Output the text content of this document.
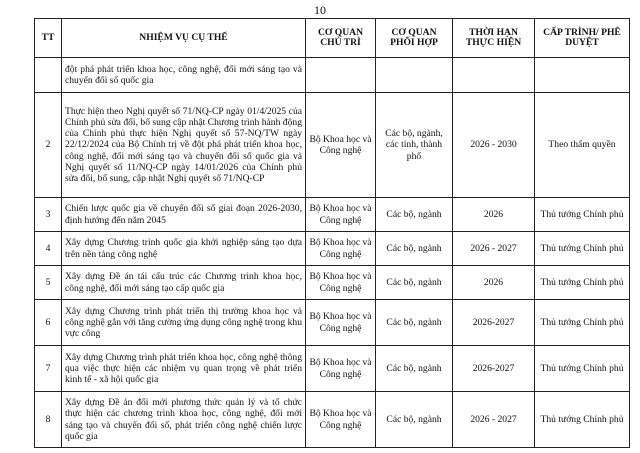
10
TT	NHIỆM VỤ CỤ THỂ	CƠ QUAN CHỦ TRÌ	CƠ QUAN PHỐI HỢP	THỜI HẠN THỰC HIỆN	CẤP TRÌNH/ PHÊ DUYỆT
	đột phá phát triển khoa học, công nghệ, đổi mới sáng tạo và chuyển đổi số quốc gia				
2	Thực hiện theo Nghị quyết số 71/NQ-CP ngày 01/4/2025 của Chính phủ sửa đổi, bổ sung cập nhật Chương trình hành động của Chính phủ thực hiện Nghị quyết số 57-NQ/TW ngày 22/12/2024 của Bộ Chính trị về đột phá phát triển khoa học, công nghệ, đổi mới sáng tạo và chuyển đổi số quốc gia và Nghị quyết số 11/NQ-CP ngày 14/01/2026 của Chính phủ sửa đổi, bổ sung, cập nhật Nghị quyết số 71/NQ-CP	Bộ Khoa học và Công nghệ	Các bộ, ngành, các tỉnh, thành phố	2026 - 2030	Theo thẩm quyền
3	Chiến lược quốc gia về chuyển đổi số giai đoạn 2026-2030, định hướng đến năm 2045	Bộ Khoa học và Công nghệ	Các bộ, ngành	2026	Thủ tướng Chính phủ
4	Xây dựng Chương trình quốc gia khởi nghiệp sáng tạo dựa trên nền tảng công nghệ	Bộ Khoa học và Công nghệ	Các bộ, ngành	2026 - 2027	Thủ tướng Chính phủ
5	Xây dựng Đề án tái cấu trúc các Chương trình khoa học, công nghệ, đổi mới sáng tạo cấp quốc gia	Bộ Khoa học và Công nghệ	Các bộ, ngành	2026	Thủ tướng Chính phủ
6	Xây dựng Chương trình phát triển thị trường khoa học và công nghệ gắn với tăng cường ứng dụng công nghệ trong khu vực công	Bộ Khoa học và Công nghệ	Các bộ, ngành	2026-2027	Thủ tướng Chính phủ
7	Xây dựng Chương trình phát triển khoa học, công nghệ thông qua việc thực hiện các nhiệm vụ quan trọng về phát triển kinh tế - xã hội quốc gia	Bộ Khoa học và Công nghệ	Các bộ, ngành	2026-2027	Thủ tướng Chính phủ
8	Xây dựng Đề án đổi mới phương thức quản lý và tổ chức thực hiện các chương trình khoa học, công nghệ, đổi mới sáng tạo và chuyển đổi số, phát triển công nghệ chiến lược quốc gia	Bộ Khoa học và Công nghệ	Các bộ, ngành	2026 - 2027	Thủ tướng Chính phủ
